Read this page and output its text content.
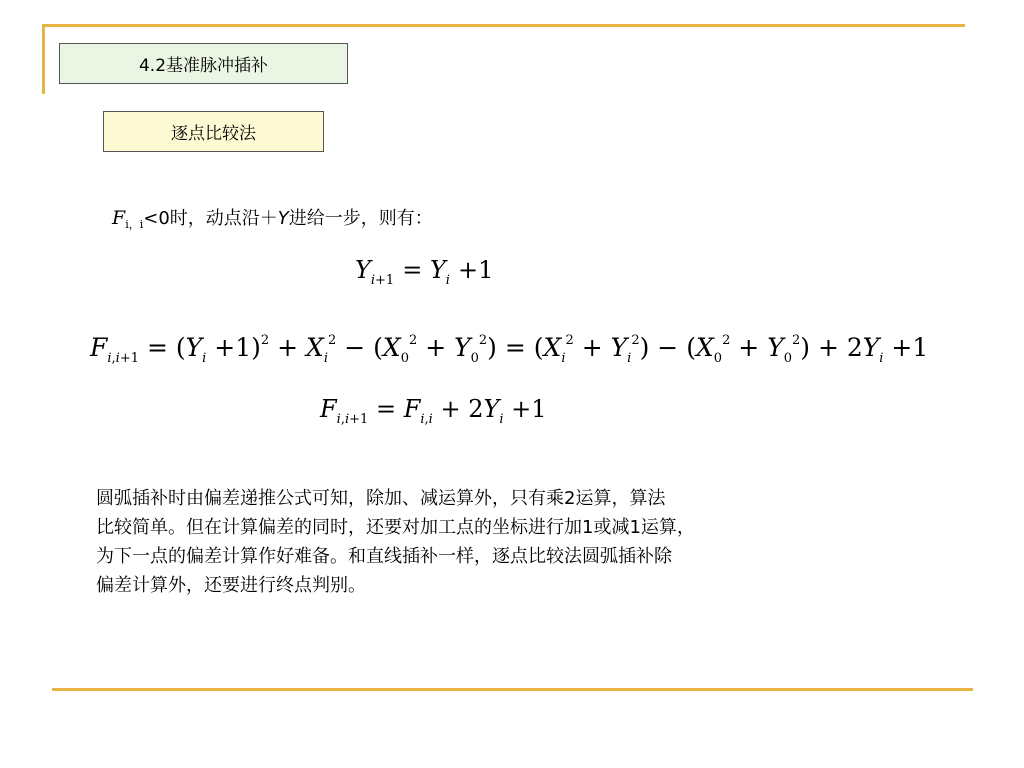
4.2基准脉冲插补
逐点比较法
$F_{i,i}<0$时，动点沿＋Y进给一步，则有：
$Y_{i+1} = Y_i +1$
$F_{i,i+1} = (Y_i +1)^2 + X_i^2 - (X_0^2 + Y_0^2) = (X_i^2 + Y_i^2) - (X_0^2 + Y_0^2) + 2Y_i +1$
$F_{i,i+1} = F_{i,i} + 2Y_i +1$
圆弧插补时由偏差递推公式可知，除加、减运算外，只有乘2运算，算法
比较简单。但在计算偏差的同时，还要对加工点的坐标进行加1或减1运算，
为下一点的偏差计算作好难备。和直线插补一样，逐点比较法圆弧插补除
偏差计算外，还要进行终点判别。
